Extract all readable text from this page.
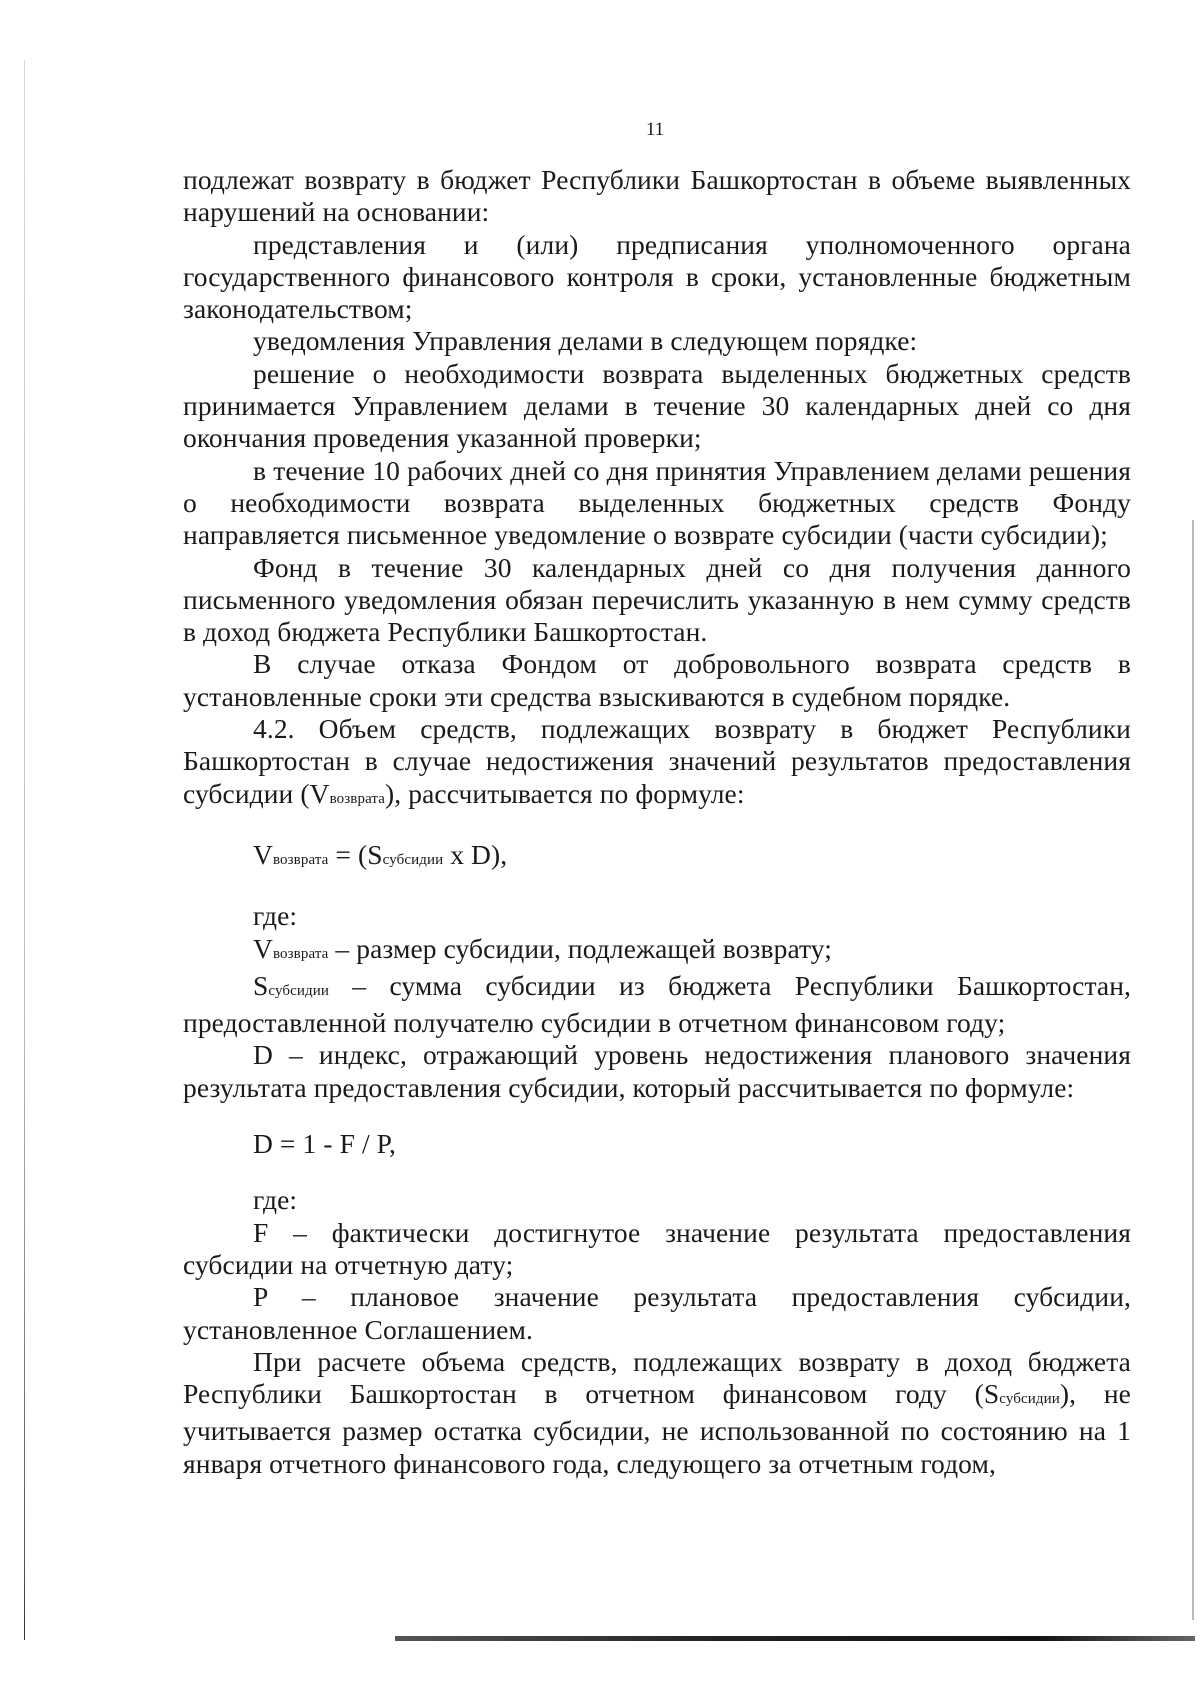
11

подлежат возврату в бюджет Республики Башкортостан в объеме выявленных нарушений на основании:

представления и (или) предписания уполномоченного органа государственного финансового контроля в сроки, установленные бюджетным законодательством;

уведомления Управления делами в следующем порядке:

решение о необходимости возврата выделенных бюджетных средств принимается Управлением делами в течение 30 календарных дней со дня окончания проведения указанной проверки;

в течение 10 рабочих дней со дня принятия Управлением делами решения о необходимости возврата выделенных бюджетных средств Фонду направляется письменное уведомление о возврате субсидии (части субсидии);

Фонд в течение 30 календарных дней со дня получения данного письменного уведомления обязан перечислить указанную в нем сумму средств в доход бюджета Республики Башкортостан.

В случае отказа Фондом от добровольного возврата средств в установленные сроки эти средства взыскиваются в судебном порядке.

4.2. Объем средств, подлежащих возврату в бюджет Республики Башкортостан в случае недостижения значений результатов предоставления субсидии (Vвозврата), рассчитывается по формуле:

Vвозврата = (Sсубсидии x D),

где:

Vвозврата – размер субсидии, подлежащей возврату;

Sсубсидии – сумма субсидии из бюджета Республики Башкортостан, предоставленной получателю субсидии в отчетном финансовом году;

D – индекс, отражающий уровень недостижения планового значения результата предоставления субсидии, который рассчитывается по формуле:

D = 1 - F / P,

где:

F – фактически достигнутое значение результата предоставления субсидии на отчетную дату;

P – плановое значение результата предоставления субсидии, установленное Соглашением.

При расчете объема средств, подлежащих возврату в доход бюджета Республики Башкортостан в отчетном финансовом году (Sсубсидии), не учитывается размер остатка субсидии, не использованной по состоянию на 1 января отчетного финансового года, следующего за отчетным годом,
